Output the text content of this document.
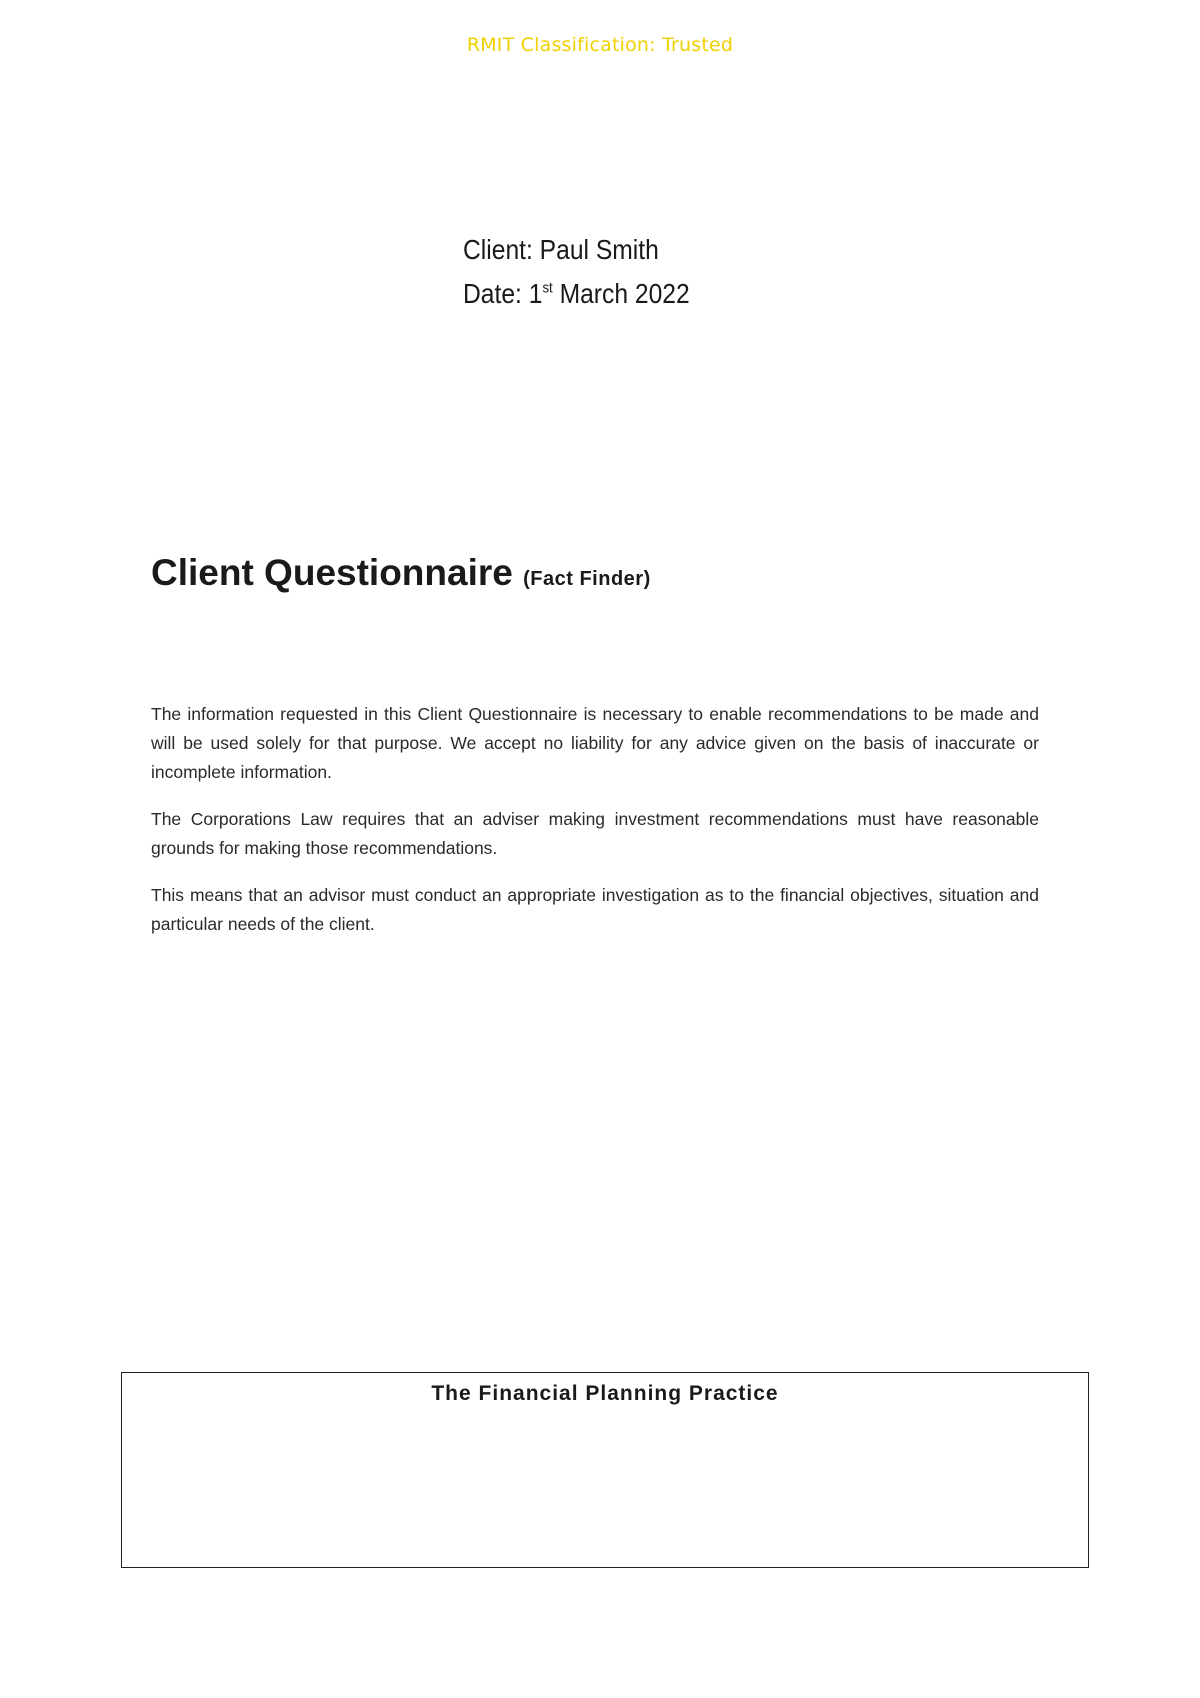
RMIT Classification: Trusted
Client: Paul Smith
Date: 1st March 2022
Client Questionnaire (Fact Finder)

The information requested in this Client Questionnaire is necessary to enable recommendations to be made and will be used solely for that purpose. We accept no liability for any advice given on the basis of inaccurate or incomplete information.

The Corporations Law requires that an adviser making investment recommendations must have reasonable grounds for making those recommendations.

This means that an advisor must conduct an appropriate investigation as to the financial objectives, situation and particular needs of the client.

The Financial Planning Practice
